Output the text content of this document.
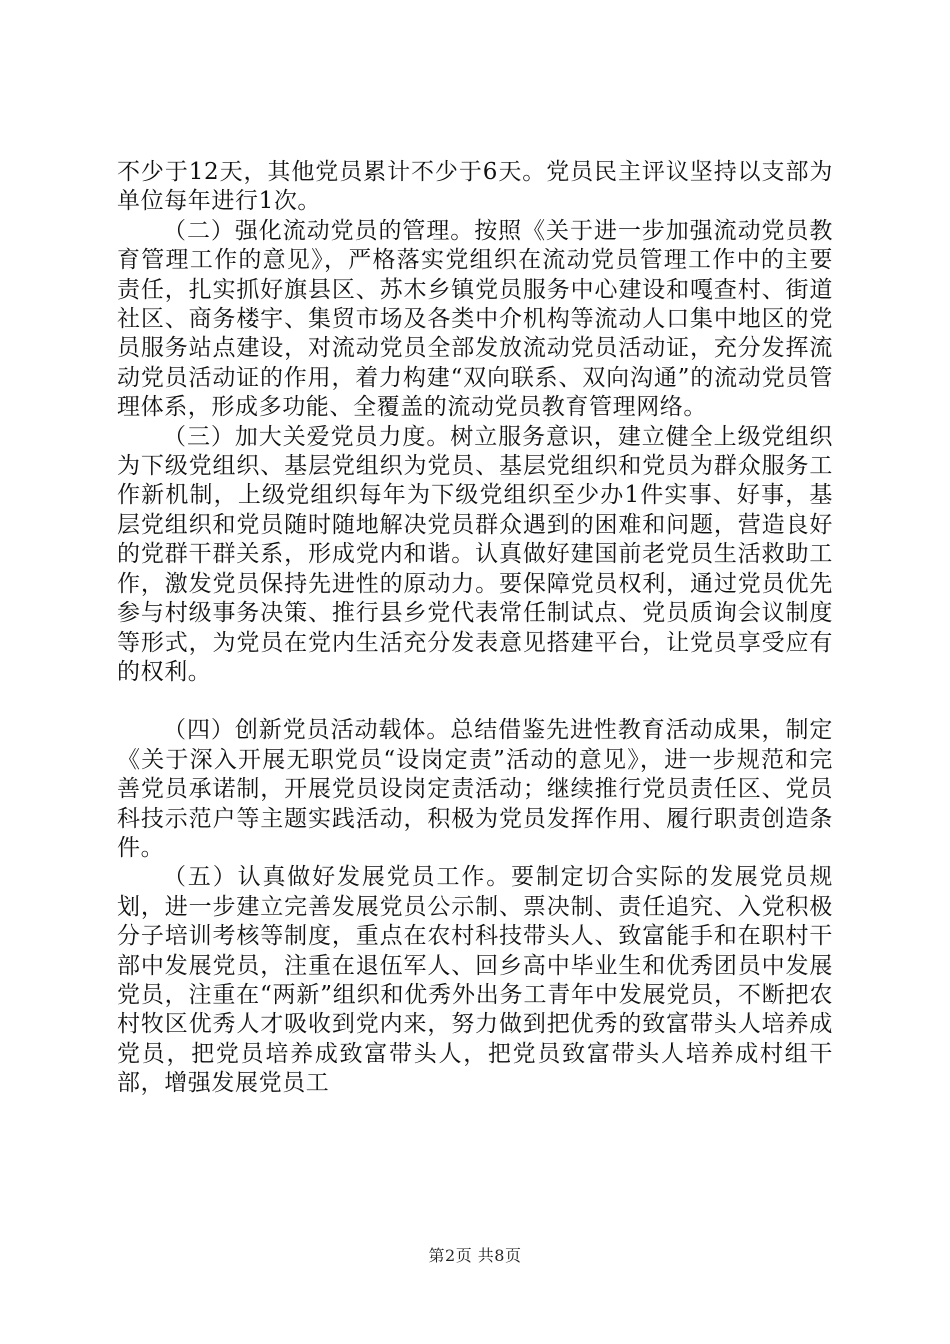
不少于12天，其他党员累计不少于6天。党员民主评议坚持以支部为单位每年进行1次。

（二）强化流动党员的管理。按照《关于进一步加强流动党员教育管理工作的意见》，严格落实党组织在流动党员管理工作中的主要责任，扎实抓好旗县区、苏木乡镇党员服务中心建设和嘎查村、街道社区、商务楼宇、集贸市场及各类中介机构等流动人口集中地区的党员服务站点建设，对流动党员全部发放流动党员活动证，充分发挥流动党员活动证的作用，着力构建“双向联系、双向沟通”的流动党员管理体系，形成多功能、全覆盖的流动党员教育管理网络。

（三）加大关爱党员力度。树立服务意识，建立健全上级党组织为下级党组织、基层党组织为党员、基层党组织和党员为群众服务工作新机制，上级党组织每年为下级党组织至少办1件实事、好事，基层党组织和党员随时随地解决党员群众遇到的困难和问题，营造良好的党群干群关系，形成党内和谐。认真做好建国前老党员生活救助工作，激发党员保持先进性的原动力。要保障党员权利，通过党员优先参与村级事务决策、推行县乡党代表常任制试点、党员质询会议制度等形式，为党员在党内生活充分发表意见搭建平台，让党员享受应有的权利。

（四）创新党员活动载体。总结借鉴先进性教育活动成果，制定《关于深入开展无职党员“设岗定责”活动的意见》，进一步规范和完善党员承诺制，开展党员设岗定责活动；继续推行党员责任区、党员科技示范户等主题实践活动，积极为党员发挥作用、履行职责创造条件。

（五）认真做好发展党员工作。要制定切合实际的发展党员规划，进一步建立完善发展党员公示制、票决制、责任追究、入党积极分子培训考核等制度，重点在农村科技带头人、致富能手和在职村干部中发展党员，注重在退伍军人、回乡高中毕业生和优秀团员中发展党员，注重在“两新”组织和优秀外出务工青年中发展党员，不断把农村牧区优秀人才吸收到党内来，努力做到把优秀的致富带头人培养成党员，把党员培养成致富带头人，把党员致富带头人培养成村组干部，增强发展党员工

第2页 共8页
